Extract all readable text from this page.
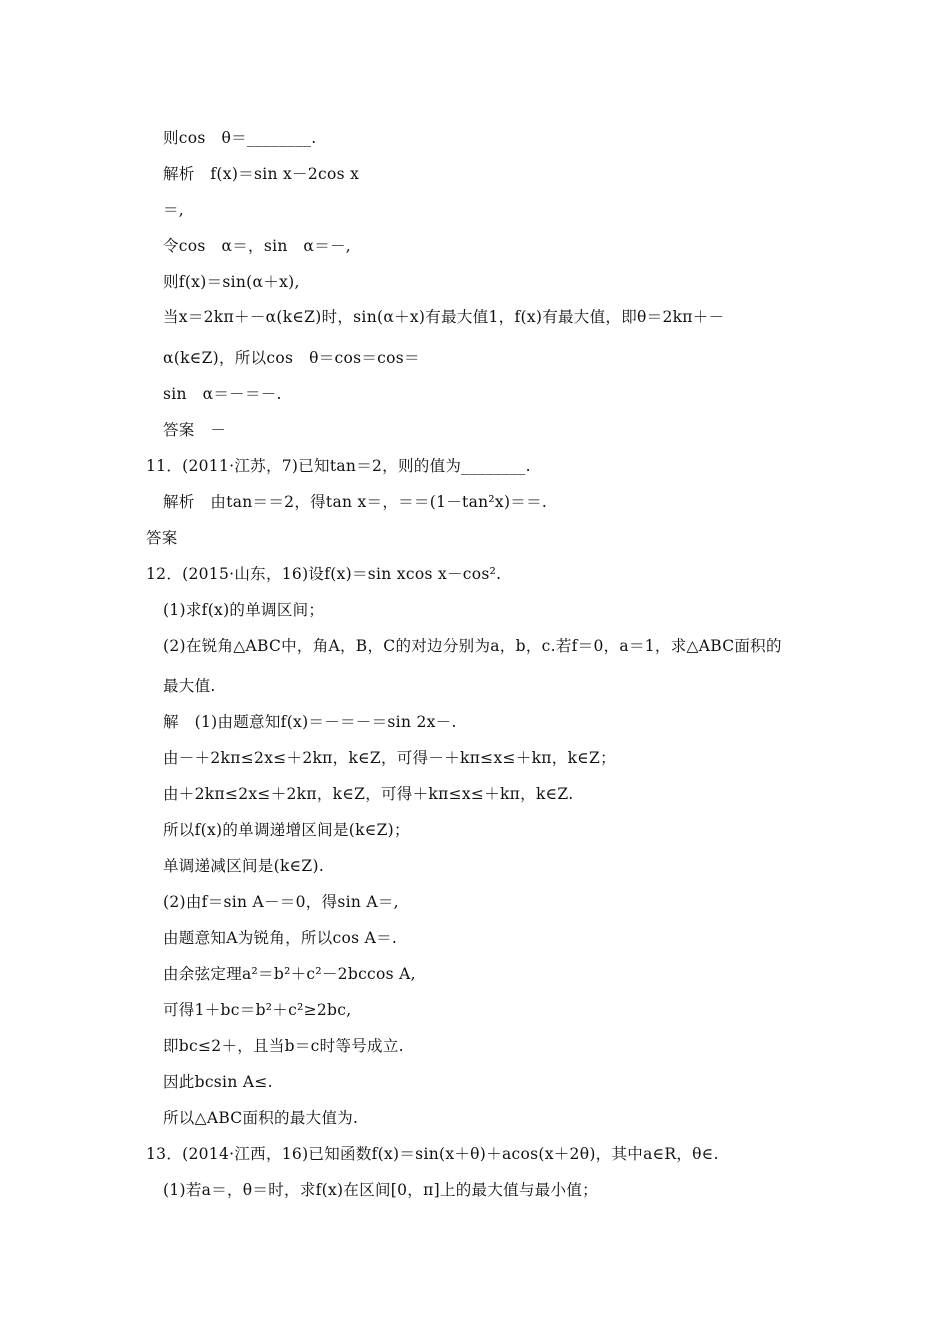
则cos　θ＝________.
解析　f(x)＝sin x－2cos x
＝,
令cos　α＝，sin　α＝－,
则f(x)＝sin(α＋x),
当x＝2kπ＋－α(k∈Z)时，sin(α＋x)有最大值1，f(x)有最大值，即θ＝2kπ＋－
α(k∈Z)，所以cos　θ＝cos＝cos＝
sin　α＝－＝－.
答案　－
11．(2011·江苏，7)已知tan＝2，则的值为________.
解析　由tan＝＝2，得tan x＝，＝＝(1－tan²x)＝＝.
答案
12．(2015·山东，16)设f(x)＝sin xcos x－cos².
(1)求f(x)的单调区间；
(2)在锐角△ABC中，角A，B，C的对边分别为a，b，c.若f＝0，a＝1，求△ABC面积的
最大值.
解　(1)由题意知f(x)＝－＝－＝sin 2x－.
由－＋2kπ≤2x≤＋2kπ，k∈Z，可得－＋kπ≤x≤＋kπ，k∈Z；
由＋2kπ≤2x≤＋2kπ，k∈Z，可得＋kπ≤x≤＋kπ，k∈Z.
所以f(x)的单调递增区间是(k∈Z)；
单调递减区间是(k∈Z).
(2)由f＝sin A－＝0，得sin A＝,
由题意知A为锐角，所以cos A＝.
由余弦定理a²＝b²＋c²－2bccos A,
可得1＋bc＝b²＋c²≥2bc,
即bc≤2＋，且当b＝c时等号成立.
因此bcsin A≤.
所以△ABC面积的最大值为.
13．(2014·江西，16)已知函数f(x)＝sin(x＋θ)＋acos(x＋2θ)，其中a∈R，θ∈.
(1)若a＝，θ＝时，求f(x)在区间[0，π]上的最大值与最小值；
